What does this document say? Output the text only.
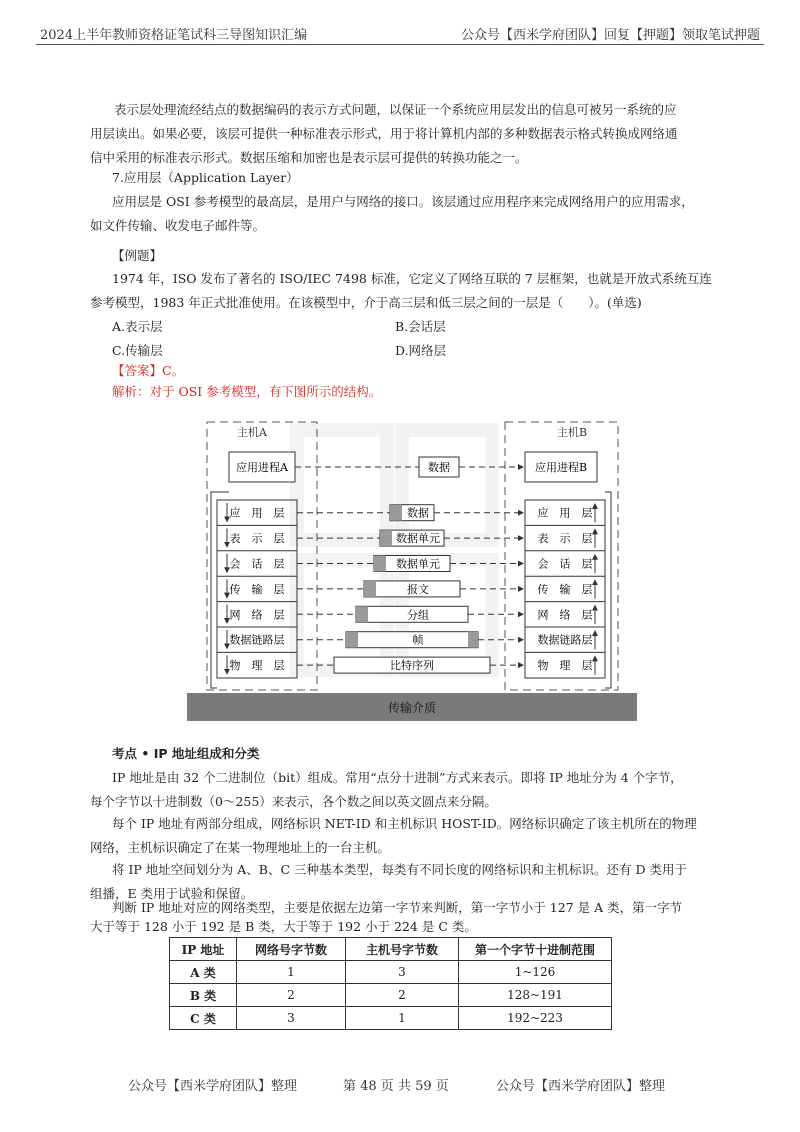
2024上半年教师资格证笔试科三导图知识汇编	公众号【西米学府团队】回复【押题】领取笔试押题
表示层处理流经结点的数据编码的表示方式问题，以保证一个系统应用层发出的信息可被另一系统的应
用层读出。如果必要，该层可提供一种标准表示形式，用于将计算机内部的多种数据表示格式转换成网络通
信中采用的标准表示形式。数据压缩和加密也是表示层可提供的转换功能之一。
7.应用层（Application Layer）
应用层是 OSI 参考模型的最高层，是用户与网络的接口。该层通过应用程序来完成网络用户的应用需求，
如文件传输、收发电子邮件等。
【例题】
1974 年，ISO 发布了著名的 ISO/IEC 7498 标准，它定义了网络互联的 7 层框架，也就是开放式系统互连
参考模型，1983 年正式批准使用。在该模型中，介于高三层和低三层之间的一层是（　　）。(单选)
A.表示层	B.会话层
C.传输层	D.网络层
【答案】C。
解析：对于 OSI 参考模型，有下图所示的结构。
主机A	主机B
应用进程A	应用进程B
数据
应　用　层	应　用　层
数据
表　示　层	表　示　层
数据单元
会　话　层	会　话　层
数据单元
传　输　层	传　输　层
报文
网　络　层	网　络　层
分组
数据链路层	数据链路层
帧
物　理　层	物　理　层
比特序列
传输介质
考点 • IP 地址组成和分类
IP 地址是由 32 个二进制位（bit）组成。常用“点分十进制”方式来表示。即将 IP 地址分为 4 个字节，
每个字节以十进制数（0～255）来表示，各个数之间以英文圆点来分隔。
每个 IP 地址有两部分组成，网络标识 NET-ID 和主机标识 HOST-ID。网络标识确定了该主机所在的物理
网络，主机标识确定了在某一物理地址上的一台主机。
将 IP 地址空间划分为 A、B、C 三种基本类型，每类有不同长度的网络标识和主机标识。还有 D 类用于
组播，E 类用于试验和保留。
判断 IP 地址对应的网络类型，主要是依据左边第一字节来判断，第一字节小于 127 是 A 类，第一字节
大于等于 128 小于 192 是 B 类，大于等于 192 小于 224 是 C 类。
IP 地址	网络号字节数	主机号字节数	第一个字节十进制范围
A 类	1	3	1~126
B 类	2	2	128~191
C 类	3	1	192~223
公众号【西米学府团队】整理	第 48 页 共 59 页	公众号【西米学府团队】整理
